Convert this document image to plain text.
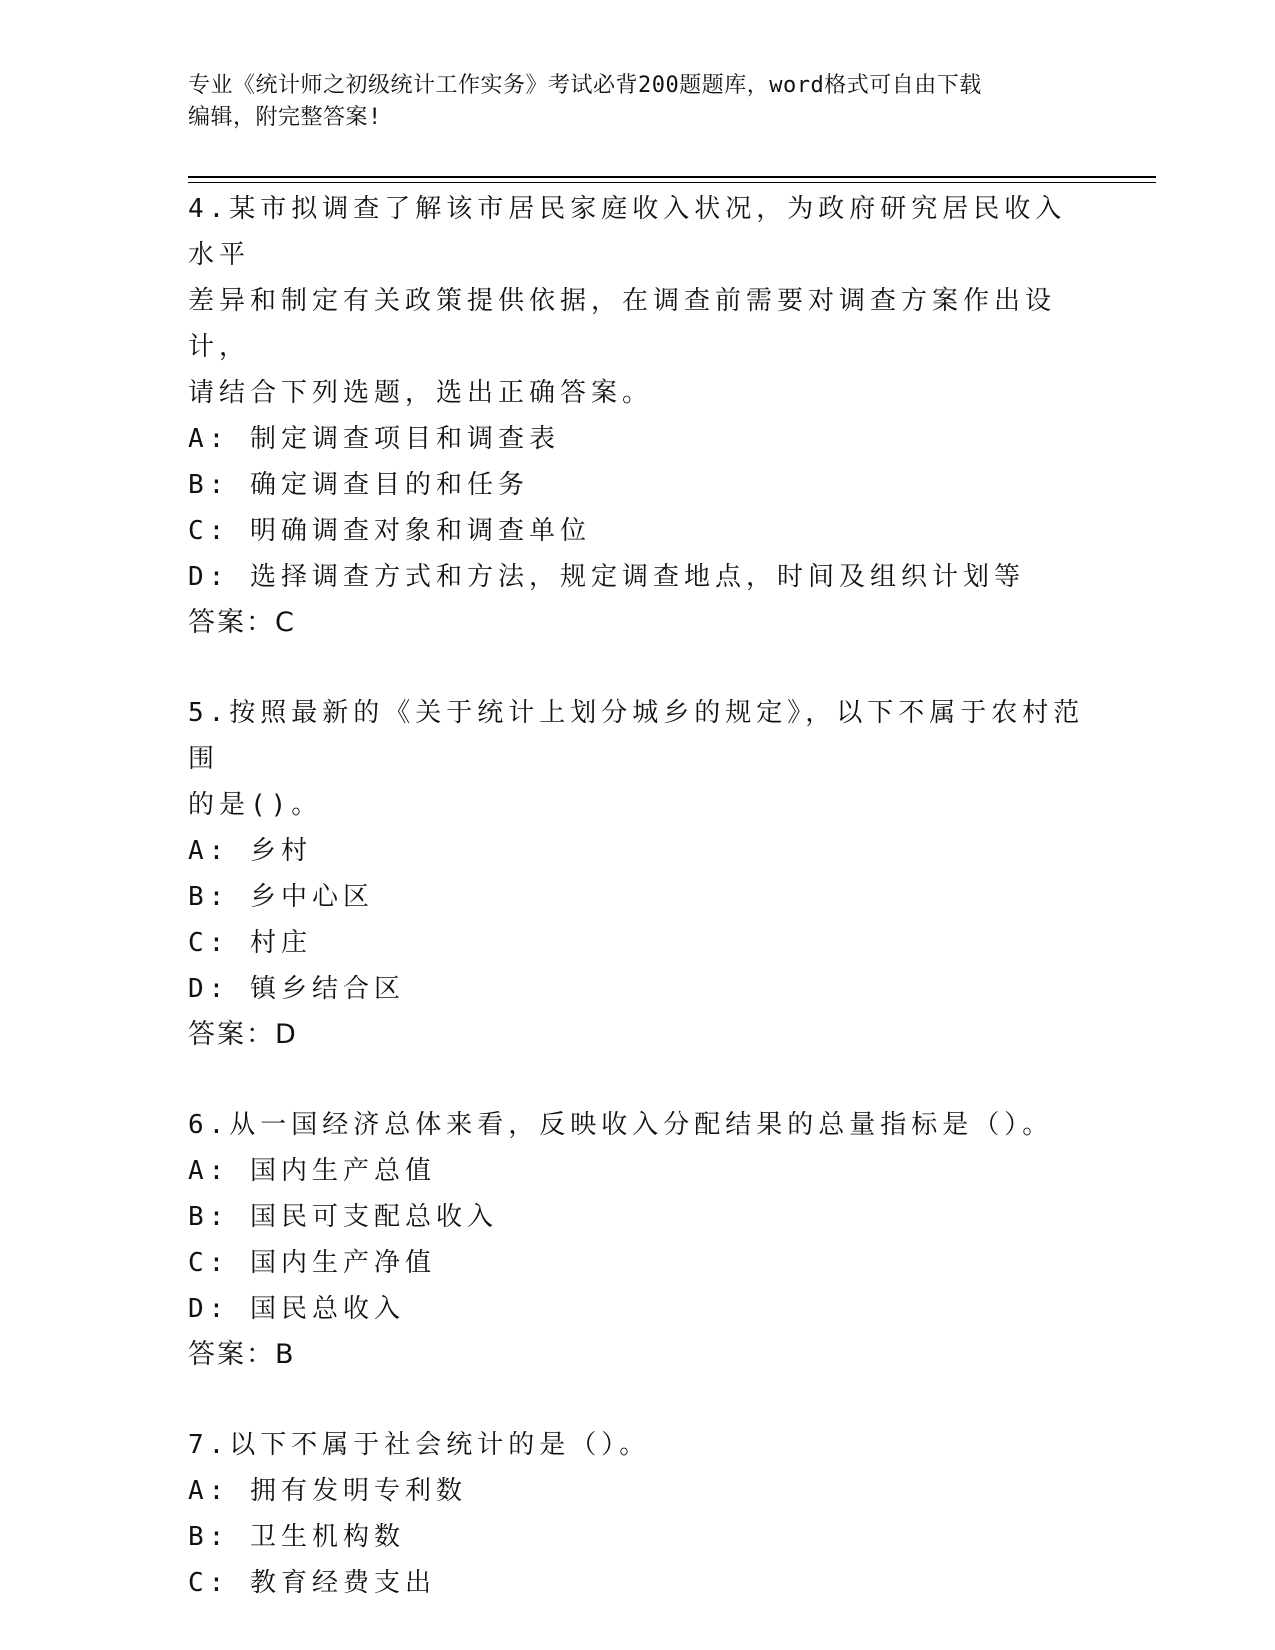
专业《统计师之初级统计工作实务》考试必背200题题库，word格式可自由下载
编辑，附完整答案!
4.某市拟调查了解该市居民家庭收入状况，为政府研究居民收入水平
差异和制定有关政策提供依据，在调查前需要对调查方案作出设计，
请结合下列选题，选出正确答案。
A: 制定调查项目和调查表
B: 确定调查目的和任务
C: 明确调查对象和调查单位
D: 选择调查方式和方法，规定调查地点，时间及组织计划等
答案：C
5.按照最新的《关于统计上划分城乡的规定》，以下不属于农村范围
的是()。
A: 乡村
B: 乡中心区
C: 村庄
D: 镇乡结合区
答案：D
6.从一国经济总体来看，反映收入分配结果的总量指标是（）。
A: 国内生产总值
B: 国民可支配总收入
C: 国内生产净值
D: 国民总收入
答案：B
7.以下不属于社会统计的是（）。
A: 拥有发明专利数
B: 卫生机构数
C: 教育经费支出
